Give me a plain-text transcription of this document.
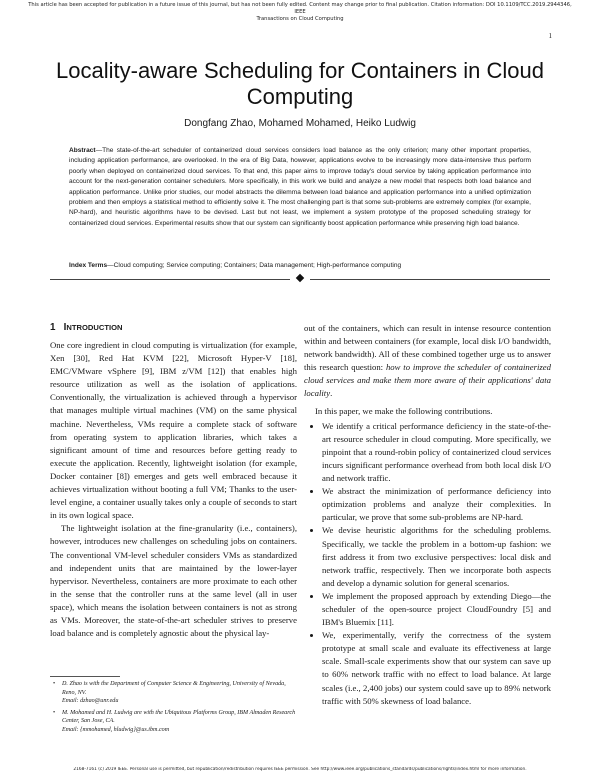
This article has been accepted for publication in a future issue of this journal, but has not been fully edited. Content may change prior to final publication. Citation information: DOI 10.1109/TCC.2019.2944346, IEEE
Transactions on Cloud Computing
1
Locality-aware Scheduling for Containers in Cloud Computing
Dongfang Zhao, Mohamed Mohamed, Heiko Ludwig
Abstract—The state-of-the-art scheduler of containerized cloud services considers load balance as the only criterion; many other important properties, including application performance, are overlooked. In the era of Big Data, however, applications evolve to be increasingly more data-intensive thus perform poorly when deployed on containerized cloud services. To that end, this paper aims to improve today's cloud service by taking application performance into account for the next-generation container schedulers. More specifically, in this work we build and analyze a new model that respects both load balance and application performance. Unlike prior studies, our model abstracts the dilemma between load balance and application performance into a unified optimization problem and then employs a statistical method to efficiently solve it. The most challenging part is that some sub-problems are extremely complex (for example, NP-hard), and heuristic algorithms have to be devised. Last but not least, we implement a system prototype of the proposed scheduling strategy for containerized cloud services. Experimental results show that our system can significantly boost application performance while preserving high load balance.
Index Terms—Cloud computing; Service computing; Containers; Data management; High-performance computing
1 INTRODUCTION

One core ingredient in cloud computing is virtualization (for example, Xen [30], Red Hat KVM [22], Microsoft Hyper-V [18], EMC/VMware vSphere [9], IBM z/VM [12]) that enables high resource utilization as well as the isolation of applications. Conventionally, the virtualization is achieved through a hypervisor that manages multiple virtual machines (VM) on the same physical machine. Nevertheless, VMs require a complete stack of software from operating system to application libraries, which takes a significant amount of time and resources before getting ready to execute the application. Recently, lightweight isolation (for example, Docker container [8]) emerges and gets well embraced because it achieves virtualization without booting a full VM; Thanks to the user-level engine, a container usually takes only a couple of seconds to start in its own logical space.

The lightweight isolation at the fine-granularity (i.e., containers), however, introduces new challenges on scheduling jobs on containers. The conventional VM-level scheduler considers VMs as standardized and independent units that are maintained by the lower-layer hypervisor. Nevertheless, containers are more proximate to each other in the sense that the controller runs at the same level (all in user space), which means the isolation between containers is not as strong as VMs. Moreover, the state-of-the-art scheduler strives to preserve load balance and is completely agnostic about the physical lay-

out of the containers, which can result in intense resource contention within and between containers (for example, local disk I/O bandwidth, network bandwidth). All of these combined together urge us to answer this research question: how to improve the scheduler of containerized cloud services and make them more aware of their applications' data locality.

In this paper, we make the following contributions.

• We identify a critical performance deficiency in the state-of-the-art resource scheduler in cloud computing. More specifically, we pinpoint that a round-robin policy of containerized cloud services incurs significant performance overhead from both local disk I/O and network traffic.
• We abstract the minimization of performance deficiency into optimization problems and analyze their complexities. In particular, we prove that some sub-problems are NP-hard.
• We devise heuristic algorithms for the scheduling problems. Specifically, we tackle the problem in a bottom-up fashion: we first address it from two exclusive perspectives: local disk and network traffic, respectively. Then we incorporate both aspects and develop a dynamic solution for general scenarios.
• We implement the proposed approach by extending Diego—the scheduler of the open-source project CloudFoundry [5] and IBM's Bluemix [11].
• We, experimentally, verify the correctness of the system prototype at small scale and evaluate its effectiveness at large scale. Small-scale experiments show that our system can save up to 60% network traffic with no effect to load balance. At large scales (i.e., 2,400 jobs) our system could save up to 89% network traffic with 50% skewness of load balance.
• D. Zhao is with the Department of Computer Science & Engineering, University of Nevada, Reno, NV.
Email: dzhao@unr.edu
• M. Mohamed and H. Ludwig are with the Ubiquitous Platforms Group, IBM Almaden Research Center, San Jose, CA.
Email: {mmohamed, hludwig}@us.ibm.com
2168-7161 (c) 2019 IEEE. Personal use is permitted, but republication/redistribution requires IEEE permission. See http://www.ieee.org/publications_standards/publications/rights/index.html for more information.
